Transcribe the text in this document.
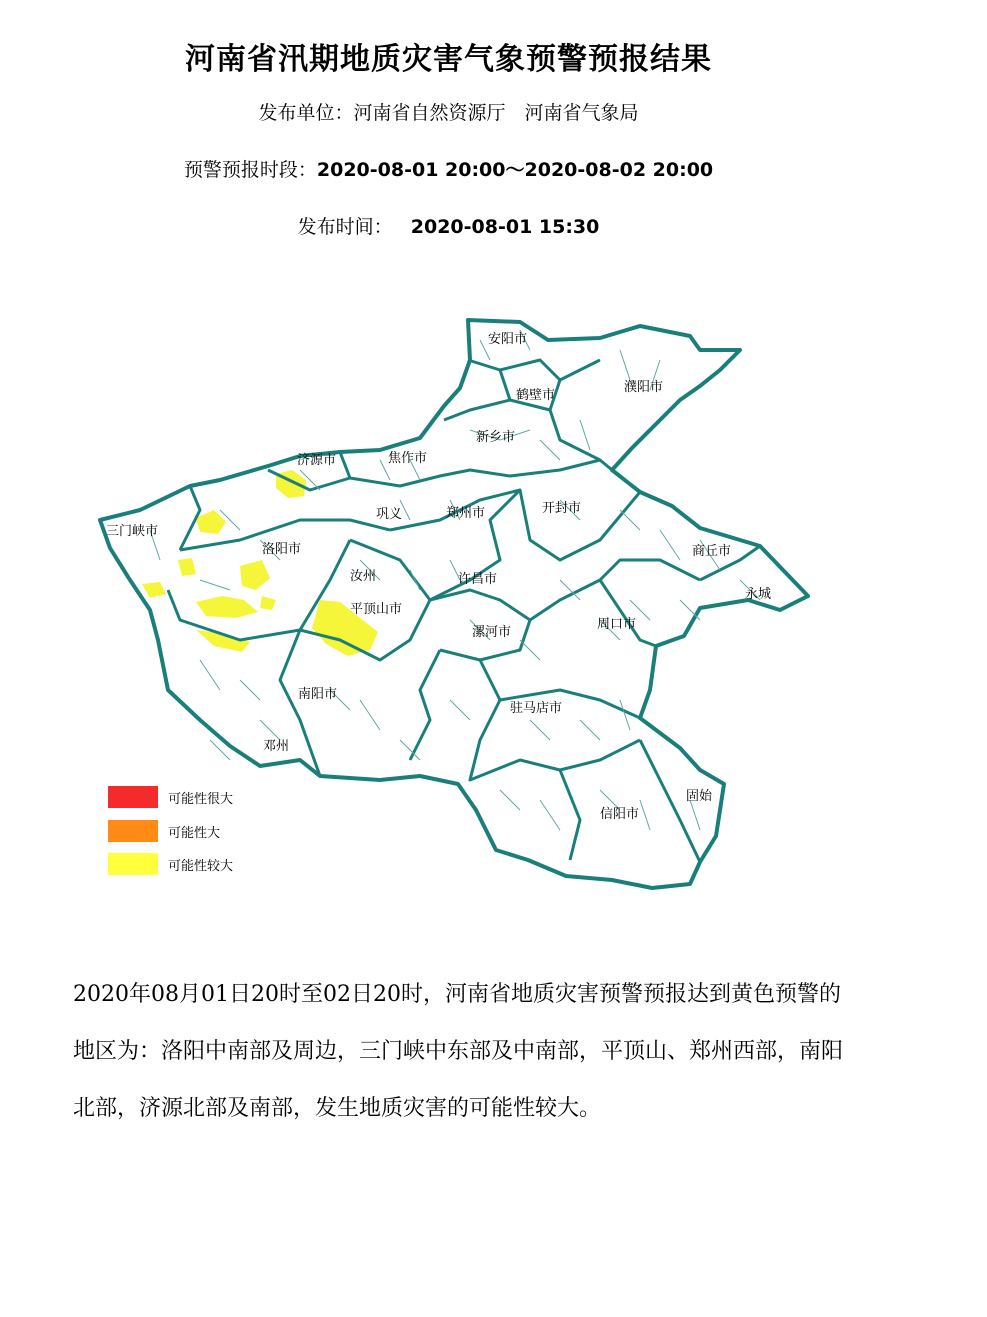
河南省汛期地质灾害气象预警预报结果
发布单位：河南省自然资源厅　河南省气象局
预警预报时段：2020-08-01 20:00～2020-08-02 20:00
发布时间： 2020-08-01 15:30
安阳市
鹤壁市
濮阳市
新乡市
济源市	焦作市
三门峡市
巩义	郑州市	开封市
商丘市
洛阳市
汝州	许昌市
永城
平顶山市
漯河市
周口市
南阳市
驻马店市
邓州
固始
信阳市
可能性很大
可能性大
可能性较大

2020年08月01日20时至02日20时，河南省地质灾害预警预报达到黄色预警的地区为：洛阳中南部及周边，三门峡中东部及中南部，平顶山、郑州西部，南阳北部，济源北部及南部，发生地质灾害的可能性较大。
